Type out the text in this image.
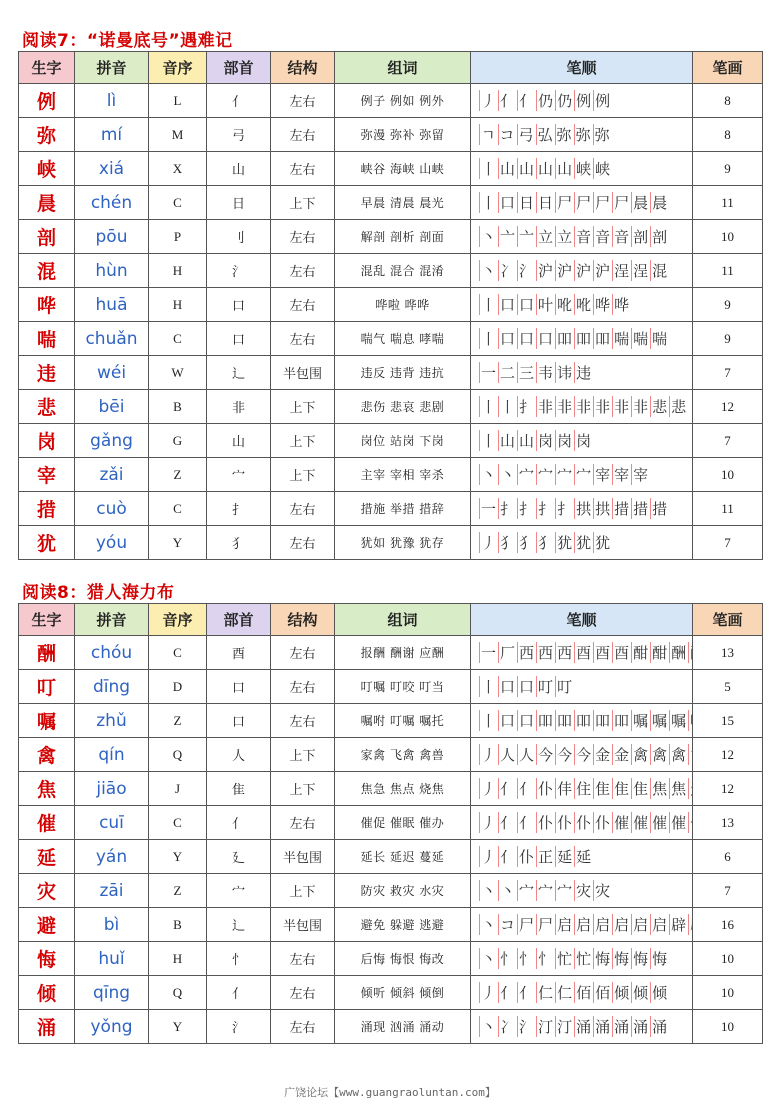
阅读7：“诺曼底号”遇难记
生字	拼音	音序	部首	结构	组词	笔顺	笔画
例	lì	L	亻	左右	例子 例如 例外	丿 亻 亻 仍 仍 例 例	8
弥	mí	M	弓	左右	弥漫 弥补 弥留	ㄱ コ 弓 弘 弥 弥 弥	8
峡	xiá	X	山	左右	峡谷 海峡 山峡	丨 山 山 山 山 峡 峡	9
晨	chén	C	日	上下	早晨 清晨 晨光	丨 口 日 日 尸 尸 尸 尸 晨 晨	11
剖	pōu	P	刂	左右	解剖 剖析 剖面	丶 亠 亠 立 立 音 音 音 剖 剖	10
混	hùn	H	氵	左右	混乱 混合 混淆	丶 冫 氵 沪 沪 沪 沪 浧 浧 混	11
哗	huā	H	口	左右	哗啦 哗哗	丨 口 口 叶 吪 吪 哗 哗	9
喘	chuǎn	C	口	左右	喘气 喘息 哮喘	丨 口 口 口 吅 吅 吅 喘 喘 喘	9
违	wéi	W	辶	半包围	违反 违背 违抗	一 二 三 韦 讳 违	7
悲	bēi	B	非	上下	悲伤 悲哀 悲剧	丨 丨 扌 非 非 非 非 非 非 悲 悲	12
岗	gǎng	G	山	上下	岗位 站岗 下岗	丨 山 山 岗 岗 岗	7
宰	zǎi	Z	宀	上下	主宰 宰相 宰杀	丶 丶 宀 宀 宀 宀 宰 宰 宰	10
措	cuò	C	扌	左右	措施 举措 措辞	一 扌 扌 扌 扌 拱 拱 措 措 措	11
犹	yóu	Y	犭	左右	犹如 犹豫 犹存	丿 犭 犭 犭 犹 犹 犹	7
阅读8：猎人海力布
生字	拼音	音序	部首	结构	组词	笔顺	笔画
酬	chóu	C	酉	左右	报酬 酬谢 应酬	一 厂 西 西 西 酉 酉 酉 酣 酣 酬	13
叮	dīng	D	口	左右	叮嘱 叮咬 叮当	丨 口 口 叮 叮	5
嘱	zhǔ	Z	口	左右	嘱咐 叮嘱 嘱托	丨 口 口 吅 吅 吅 吅 吅 嘱 嘱 嘱	15
禽	qín	Q	人	上下	家禽 飞禽 禽兽	丿 人 人 今 今 今 金 金 禽 禽 禽	12
焦	jiāo	J	隹	上下	焦急 焦点 烧焦	丿 亻 亻 仆 仹 住 隹 隹 隹 焦 焦	12
催	cuī	C	亻	左右	催促 催眠 催办	丿 亻 亻 仆 仆 仆 仆 催 催 催 催	13
延	yán	Y	廴	半包围	延长 延迟 蔓延	丿 亻 仆 正 延 延	6
灾	zāi	Z	宀	上下	防灾 救灾 水灾	丶 丶 宀 宀 宀 灾 灾	7
避	bì	B	辶	半包围	避免 躲避 逃避	丶 コ 尸 尸 启 启 启 启 启 启 辟	16
悔	huǐ	H	忄	左右	后悔 悔恨 悔改	丶 忄 忄 忄 忙 忙 悔 悔 悔 悔	10
倾	qīng	Q	亻	左右	倾听 倾斜 倾倒	丿 亻 亻 仁 仁 佰 佰 倾 倾 倾	10
涌	yǒng	Y	氵	左右	涌现 汹涌 涌动	丶 冫 氵 汀 汀 涌 涌 涌 涌 涌	10
广饶论坛【www.guangraoluntan.com】
